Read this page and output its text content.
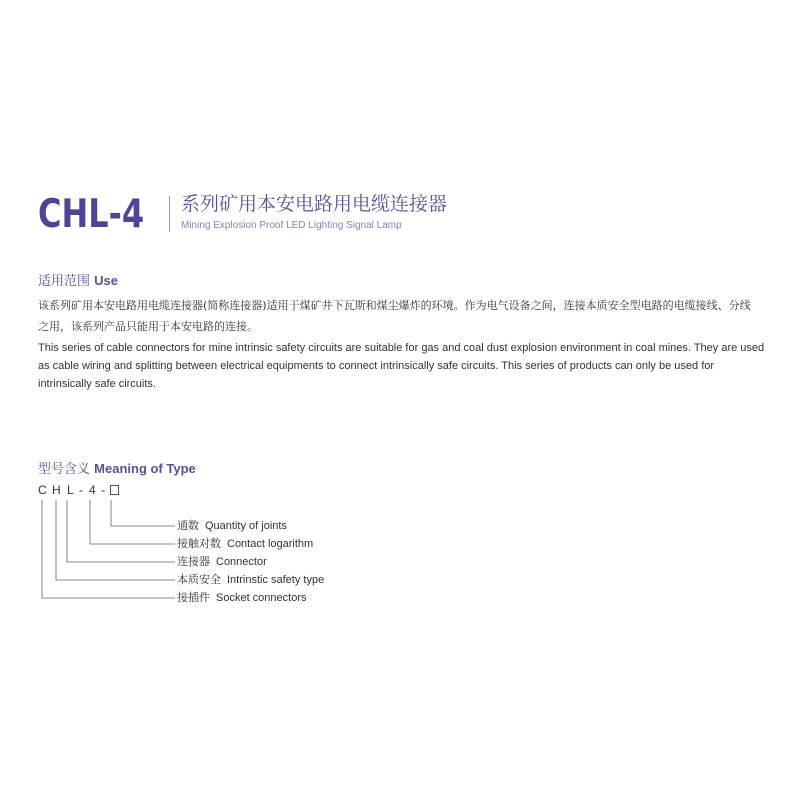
CHL-4 系列矿用本安电路用电缆连接器
Mining Explosion Proof LED Lighting Signal Lamp
适用范围 Use
该系列矿用本安电路用电缆连接器(简称连接器)适用于煤矿井下瓦斯和煤尘爆炸的环境。作为电气设备之间，连接本质安全型电路的电缆接线、分线之用，该系列产品只能用于本安电路的连接。
This series of cable connectors for mine intrinsic safety circuits are suitable for gas and coal dust explosion environment in coal mines. They are used as cable wiring and splitting between electrical equipments to connect intrinsically safe circuits. This series of products can only be used for intrinsically safe circuits.
型号含义 Meaning of Type
C H L - 4 -
通数 Quantity of joints
接触对数 Contact logarithm
连接器 Connector
本质安全 Intrinstic safety type
接插件 Socket connectors
